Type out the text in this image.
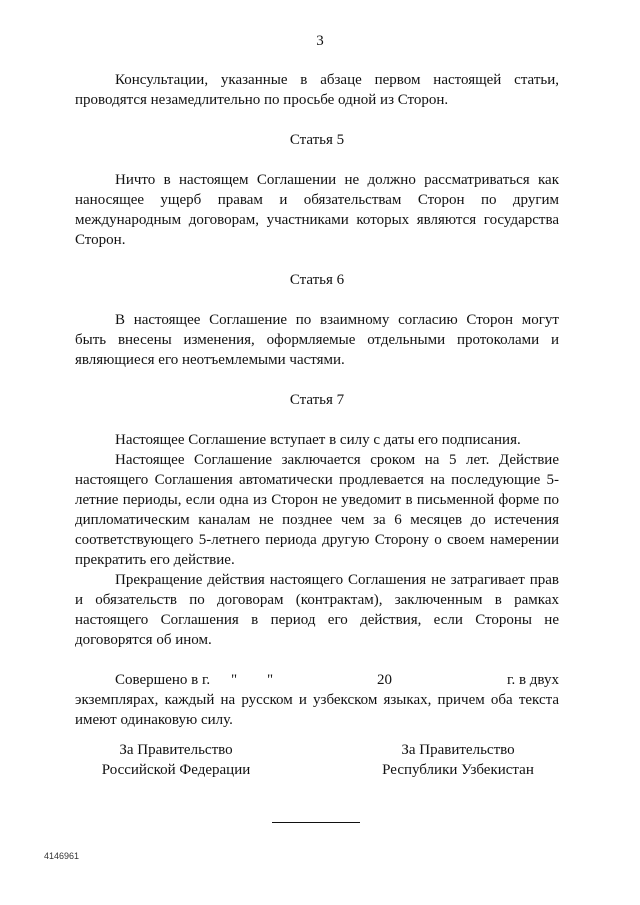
3

Консультации, указанные в абзаце первом настоящей статьи, проводятся незамедлительно по просьбе одной из Сторон.

Статья 5

Ничто в настоящем Соглашении не должно рассматриваться как наносящее ущерб правам и обязательствам Сторон по другим международным договорам, участниками которых являются государства Сторон.

Статья 6

В настоящее Соглашение по взаимному согласию Сторон могут быть внесены изменения, оформляемые отдельными протоколами и являющиеся его неотъемлемыми частями.

Статья 7

Настоящее Соглашение вступает в силу с даты его подписания.

Настоящее Соглашение заключается сроком на 5 лет. Действие настоящего Соглашения автоматически продлевается на последующие 5-летние периоды, если одна из Сторон не уведомит в письменной форме по дипломатическим каналам не позднее чем за 6 месяцев до истечения соответствующего 5-летнего периода другую Сторону о своем намерении прекратить его действие.

Прекращение действия настоящего Соглашения не затрагивает прав и обязательств по договорам (контрактам), заключенным в рамках настоящего Соглашения в период его действия, если Стороны не договорятся об ином.

Совершено в г.	"	"	20	г. в двух

экземплярах, каждый на русском и узбекском языках, причем оба текста имеют одинаковую силу.

За Правительство
Российской Федерации
За Правительство
Республики Узбекистан
4146961
